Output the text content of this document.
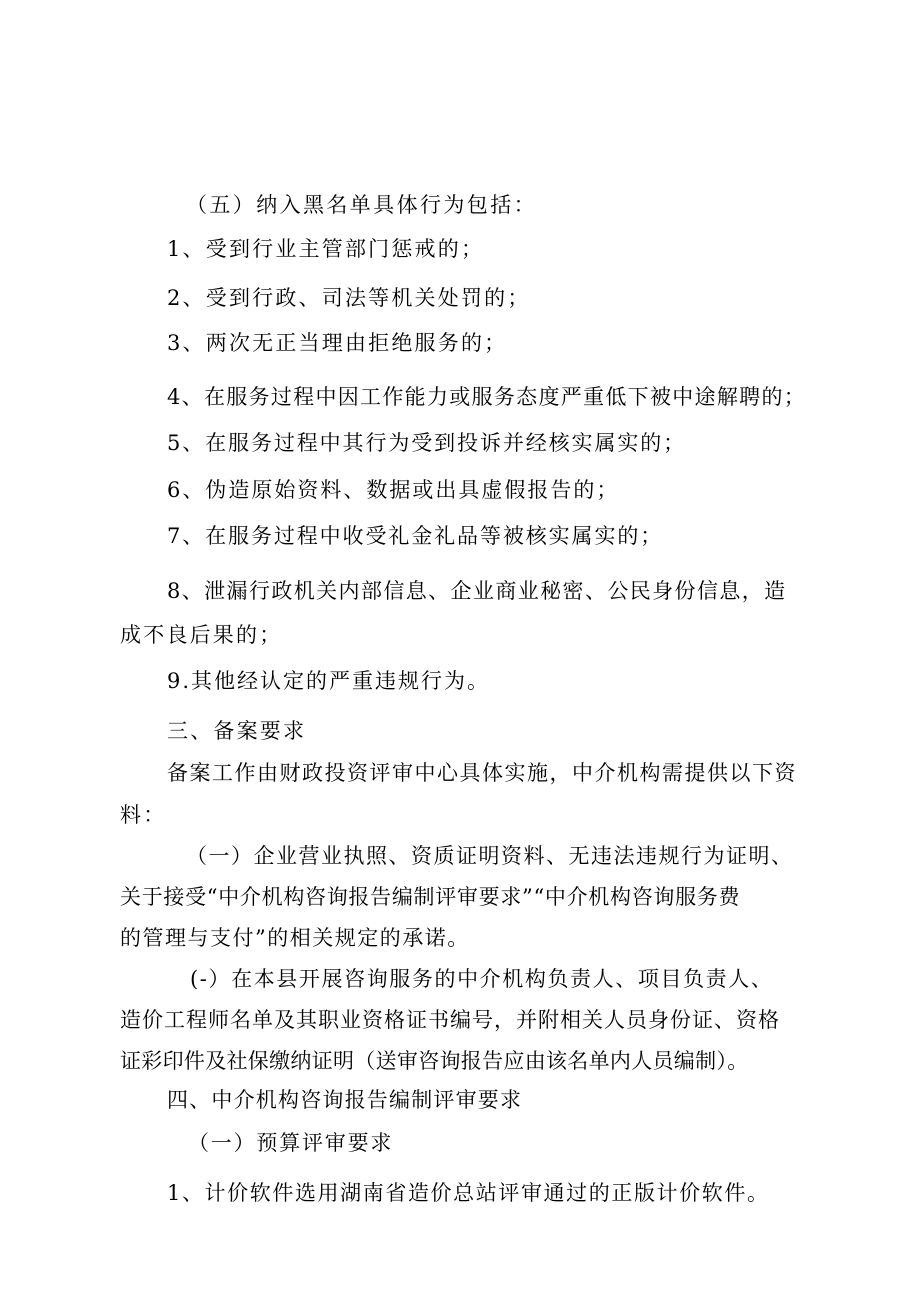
（五）纳入黑名单具体行为包括：
1、受到行业主管部门惩戒的；
2、受到行政、司法等机关处罚的；
3、两次无正当理由拒绝服务的；
4、在服务过程中因工作能力或服务态度严重低下被中途解聘的；
5、在服务过程中其行为受到投诉并经核实属实的；
6、伪造原始资料、数据或出具虚假报告的；
7、在服务过程中收受礼金礼品等被核实属实的；
8、泄漏行政机关内部信息、企业商业秘密、公民身份信息，造
成不良后果的；
9.其他经认定的严重违规行为。
三、备案要求
备案工作由财政投资评审中心具体实施，中介机构需提供以下资
料：
（一）企业营业执照、资质证明资料、无违法违规行为证明、
关于接受“中介机构咨询报告编制评审要求”“中介机构咨询服务费
的管理与支付”的相关规定的承诺。
(-）在本县开展咨询服务的中介机构负责人、项目负责人、
造价工程师名单及其职业资格证书编号，并附相关人员身份证、资格
证彩印件及社保缴纳证明（送审咨询报告应由该名单内人员编制）。
四、中介机构咨询报告编制评审要求
（一）预算评审要求
1、计价软件选用湖南省造价总站评审通过的正版计价软件。
